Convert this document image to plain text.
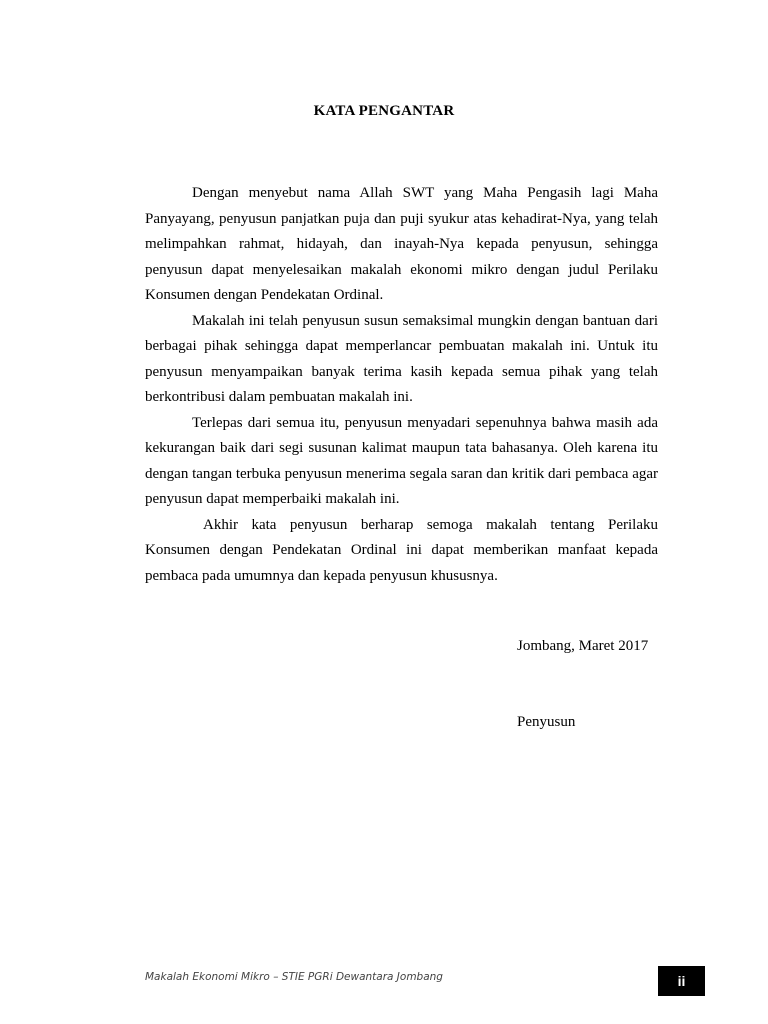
KATA PENGANTAR

Dengan menyebut nama Allah SWT yang Maha Pengasih lagi Maha Panyayang, penyusun panjatkan puja dan puji syukur atas kehadirat-Nya, yang telah melimpahkan rahmat, hidayah, dan inayah-Nya kepada penyusun, sehingga penyusun dapat menyelesaikan makalah ekonomi mikro dengan judul Perilaku Konsumen dengan Pendekatan Ordinal.

Makalah ini telah penyusun susun semaksimal mungkin dengan bantuan dari berbagai pihak sehingga dapat memperlancar pembuatan makalah ini. Untuk itu penyusun menyampaikan banyak terima kasih kepada semua pihak yang telah berkontribusi dalam pembuatan makalah ini.

Terlepas dari semua itu, penyusun menyadari sepenuhnya bahwa masih ada kekurangan baik dari segi susunan kalimat maupun tata bahasanya. Oleh karena itu dengan tangan terbuka penyusun menerima segala saran dan kritik dari pembaca agar penyusun dapat memperbaiki makalah ini.

Akhir kata penyusun berharap semoga makalah tentang Perilaku Konsumen dengan Pendekatan Ordinal ini dapat memberikan manfaat kepada pembaca pada umumnya dan kepada penyusun khususnya.

Jombang, Maret 2017
Penyusun
Makalah Ekonomi Mikro – STIE PGRi Dewantara Jombang	ii
